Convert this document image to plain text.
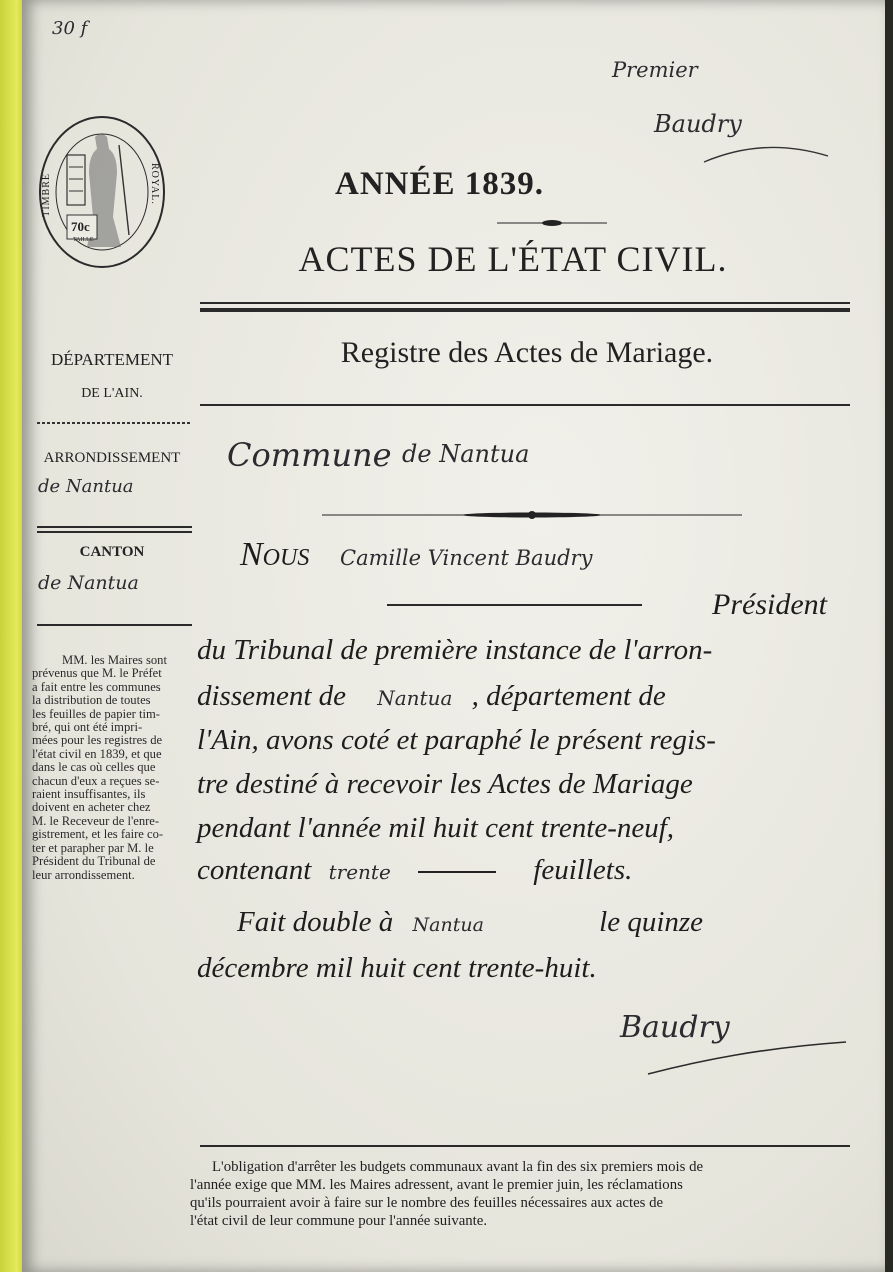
30 f
Premier
Baudry
TIMBRE	ROYAL.
70c
TAILLE
ANNÉE 1839.
ACTES DE L'ÉTAT CIVIL.
Registre des Actes de Mariage.
DÉPARTEMENT
DE L'AIN.
ARRONDISSEMENT
de Nantua
CANTON
de Nantua
MM. les Maires sont
prévenus que M. le Préfet
a fait entre les communes
la distribution de toutes
les feuilles de papier tim-
bré, qui ont été impri-
mées pour les registres de
l'état civil en 1839, et que
dans le cas où celles que
chacun d'eux a reçues se-
raient insuffisantes, ils
doivent en acheter chez
M. le Receveur de l'enre-
gistrement, et les faire co-
ter et parapher par M. le
Président du Tribunal de
leur arrondissement.
Commune de Nantua
Nous Camille Vincent Baudry
Président
du Tribunal de première instance de l'arron-
dissement de Nantua , département de
l'Ain, avons coté et paraphé le présent regis-
tre destiné à recevoir les Actes de Mariage
pendant l'année mil huit cent trente-neuf,
contenant trente	feuillets.
Fait double à Nantua	le quinze
décembre mil huit cent trente-huit.
Baudry
L'obligation d'arrêter les budgets communaux avant la fin des six premiers mois de
l'année exige que MM. les Maires adressent, avant le premier juin, les réclamations
qu'ils pourraient avoir à faire sur le nombre des feuilles nécessaires aux actes de
l'état civil de leur commune pour l'année suivante.
